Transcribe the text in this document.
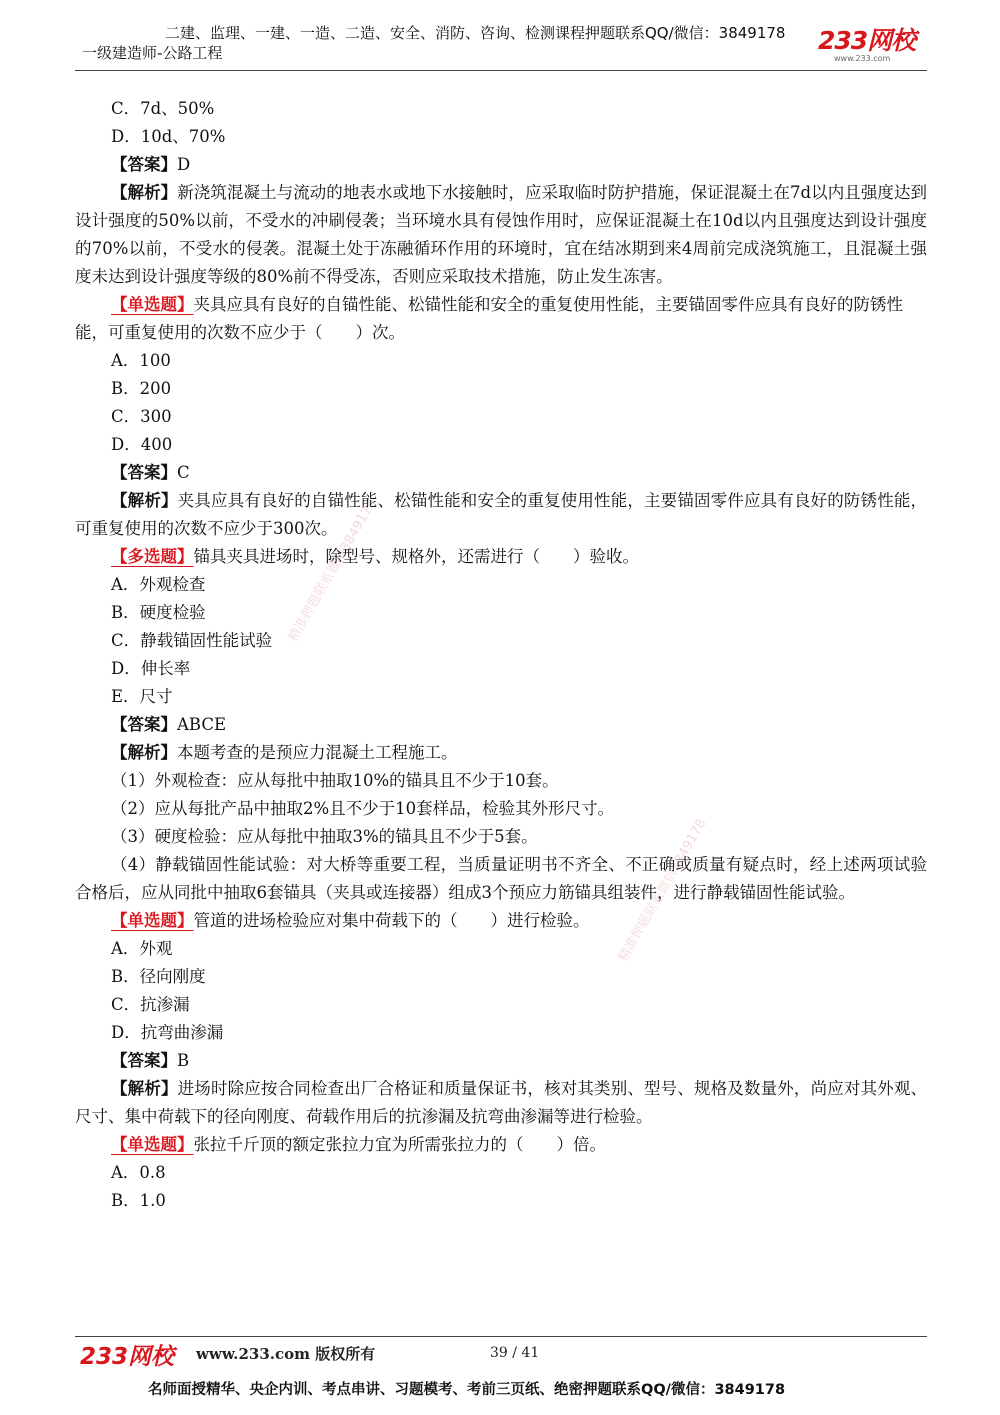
二建、监理、一建、一造、二造、安全、消防、咨询、检测课程押题联系QQ/微信：3849178
一级建造师-公路工程	233网校
www.233.com
C．7d、50%
D．10d、70%
【答案】D
【解析】新浇筑混凝土与流动的地表水或地下水接触时，应采取临时防护措施，保证混凝土在7d以内且强度达到设计强度的50%以前，不受水的冲刷侵袭；当环境水具有侵蚀作用时，应保证混凝土在10d以内且强度达到设计强度的70%以前，不受水的侵袭。混凝土处于冻融循环作用的环境时，宜在结冰期到来4周前完成浇筑施工，且混凝土强度未达到设计强度等级的80%前不得受冻，否则应采取技术措施，防止发生冻害。
【单选题】夹具应具有良好的自锚性能、松锚性能和安全的重复使用性能，主要锚固零件应具有良好的防锈性能，可重复使用的次数不应少于（　　）次。
A．100
B．200
C．300
D．400
【答案】C
【解析】夹具应具有良好的自锚性能、松锚性能和安全的重复使用性能，主要锚固零件应具有良好的防锈性能，可重复使用的次数不应少于300次。
【多选题】锚具夹具进场时，除型号、规格外，还需进行（　　）验收。
A．外观检查
B．硬度检验
C．静载锚固性能试验
D．伸长率
E．尺寸
【答案】ABCE
【解析】本题考查的是预应力混凝土工程施工。
（1）外观检查：应从每批中抽取10%的锚具且不少于10套。
（2）应从每批产品中抽取2%且不少于10套样品，检验其外形尺寸。
（3）硬度检验：应从每批中抽取3%的锚具且不少于5套。
（4）静载锚固性能试验：对大桥等重要工程，当质量证明书不齐全、不正确或质量有疑点时，经上述两项试验合格后，应从同批中抽取6套锚具（夹具或连接器）组成3个预应力筋锚具组装件，进行静载锚固性能试验。
【单选题】管道的进场检验应对集中荷载下的（　　）进行检验。
A．外观
B．径向刚度
C．抗渗漏
D．抗弯曲渗漏
【答案】B
【解析】进场时除应按合同检查出厂合格证和质量保证书，核对其类别、型号、规格及数量外，尚应对其外观、尺寸、集中荷载下的径向刚度、荷载作用后的抗渗漏及抗弯曲渗漏等进行检验。
【单选题】张拉千斤顶的额定张拉力宜为所需张拉力的（　　）倍。
A．0.8
B．1.0
精准押题联系微信3849178
精准押题联系微信3849178
233网校 www.233.com 版权所有	39 / 41
名师面授精华、央企内训、考点串讲、习题模考、考前三页纸、绝密押题联系QQ/微信：3849178
